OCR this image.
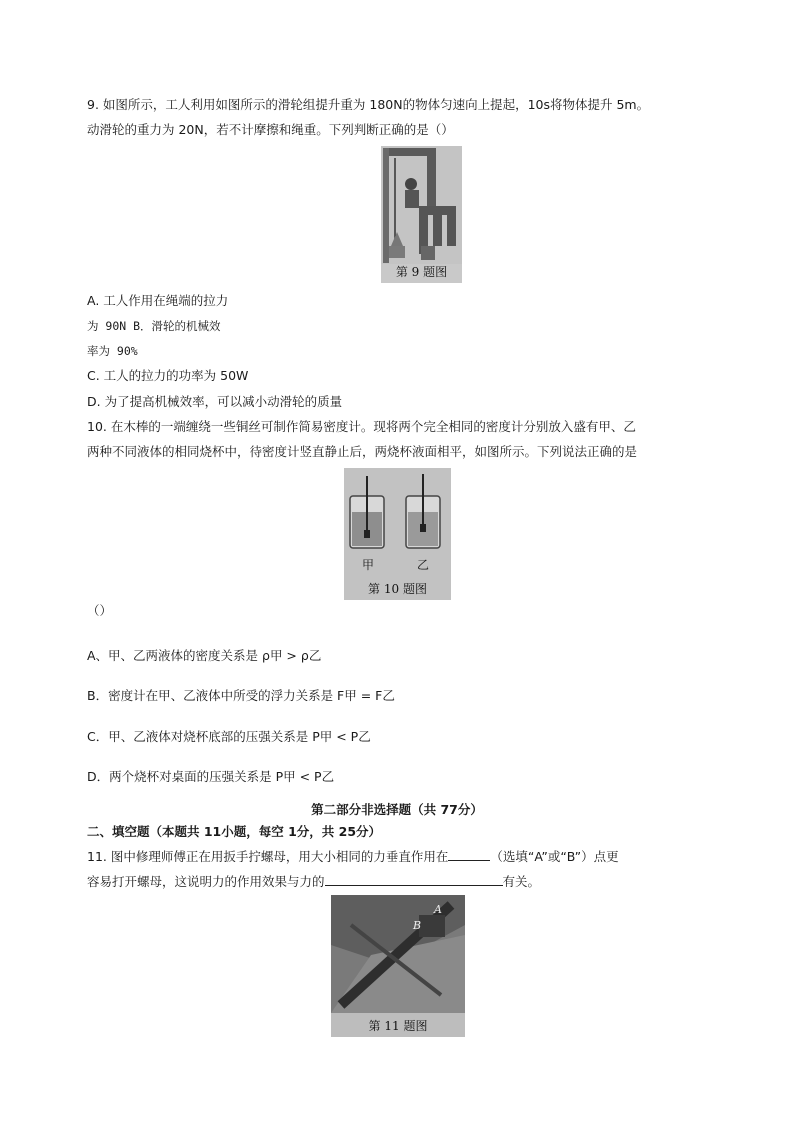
9. 如图所示，工人利用如图所示的滑轮组提升重为 180N的物体匀速向上提起，10s将物体提升 5m。
动滑轮的重力为 20N，若不计摩擦和绳重。下列判断正确的是（）
第 9 题图
A. 工人作用在绳端的拉力
为 90N B．滑轮的机械效
率为 90%
C. 工人的拉力的功率为 50W
D. 为了提高机械效率，可以减小动滑轮的质量
10. 在木棒的一端缠绕一些铜丝可制作简易密度计。现将两个完全相同的密度计分别放入盛有甲、乙
两种不同液体的相同烧杯中，待密度计竖直静止后，两烧杯液面相平，如图所示。下列说法正确的是
甲	乙
第 10 题图
（）
A、甲、乙两液体的密度关系是 ρ甲 > ρ乙
B．密度计在甲、乙液体中所受的浮力关系是 F甲 = F乙
C．甲、乙液体对烧杯底部的压强关系是 P甲 < P乙
D．两个烧杯对桌面的压强关系是 P甲 < P乙
第二部分非选择题（共 77分）
二、填空题（本题共 11小题，每空 1分，共 25分）
11. 图中修理师傅正在用扳手拧螺母，用大小相同的力垂直作用在	（选填“A”或“B”）点更
容易打开螺母，这说明力的作用效果与力的	有关。
A
B
第 11 题图
